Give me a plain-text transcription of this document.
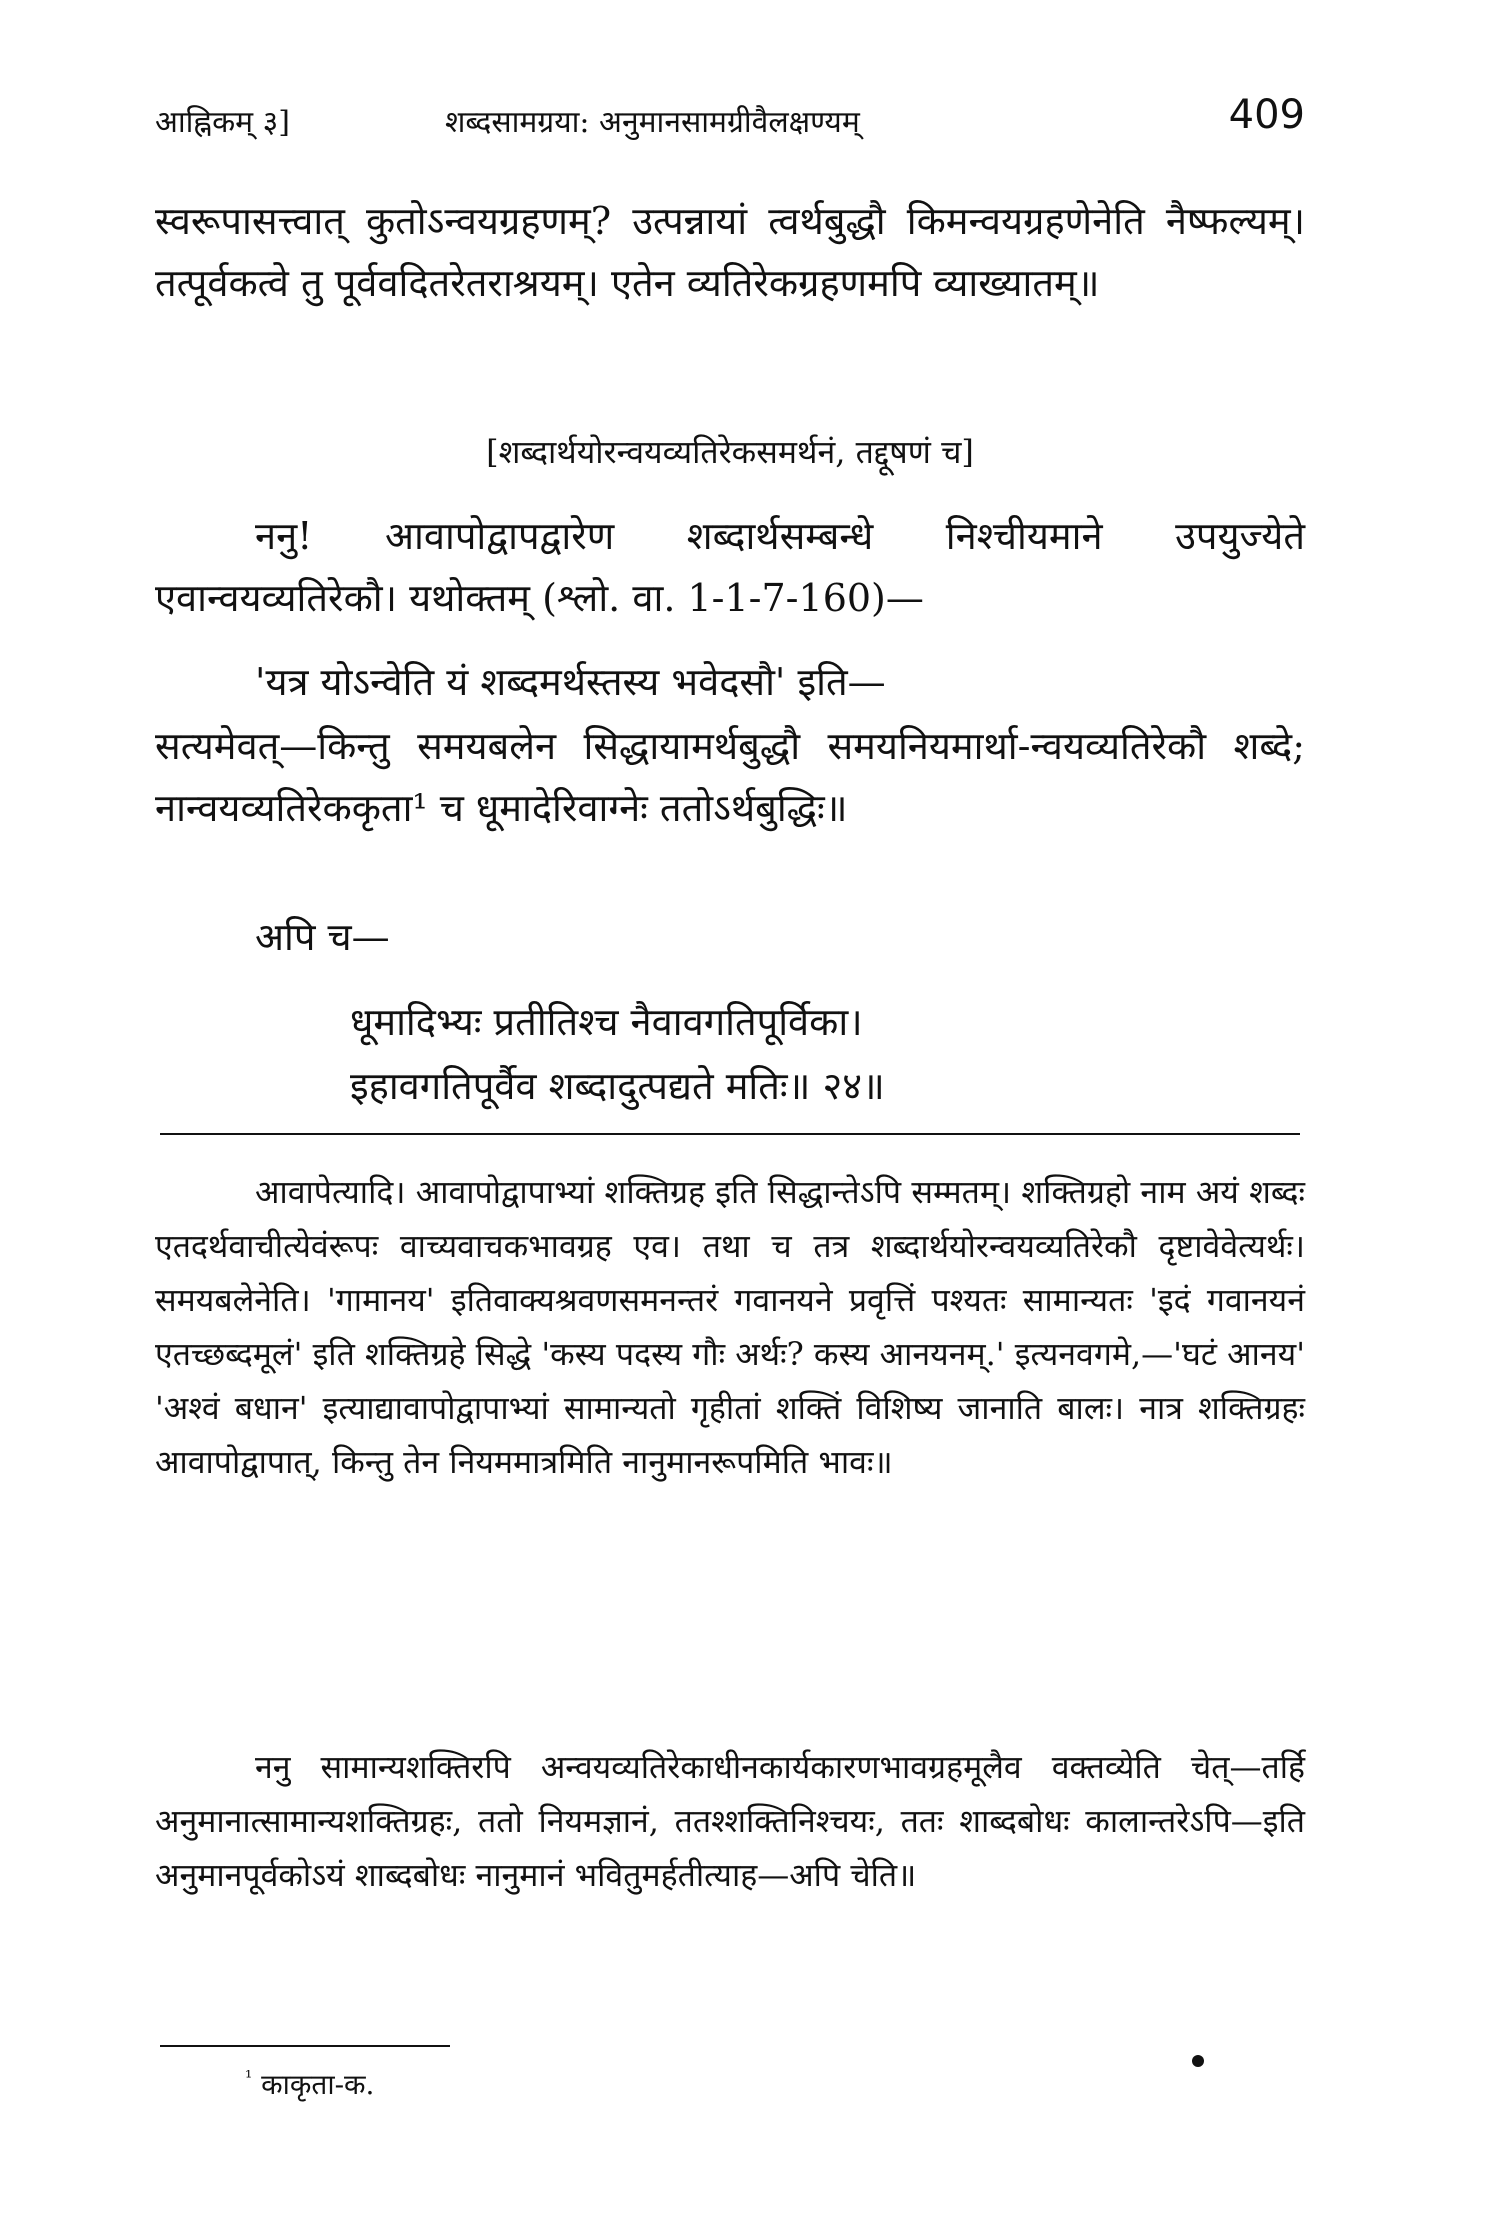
आह्निकम् ३]	शब्दसामग्रया: अनुमानसामग्रीवैलक्षण्यम्	409
स्वरूपासत्त्वात् कुतोऽन्वयग्रहणम्? उत्पन्नायां त्वर्थबुद्धौ किमन्वयग्रहणेनेति नैष्फल्यम्। तत्पूर्वकत्वे तु पूर्ववदितरेतराश्रयम्। एतेन व्यतिरेकग्रहणमपि व्याख्यातम्॥
[शब्दार्थयोरन्वयव्यतिरेकसमर्थनं, तद्दूषणं च]
ननु! आवापोद्वापद्वारेण शब्दार्थसम्बन्धे निश्चीयमाने उपयुज्येते एवान्वयव्यतिरेकौ। यथोक्तम् (श्लो. वा. 1-1-7-160)—
'यत्र योऽन्वेति यं शब्दमर्थस्तस्य भवेदसौ' इति—
सत्यमेवत्—किन्तु समयबलेन सिद्धायामर्थबुद्धौ समयनियमार्था-न्वयव्यतिरेकौ शब्दे; नान्वयव्यतिरेककृता¹ च धूमादेरिवाग्नेः ततोऽर्थबुद्धिः॥
अपि च—
धूमादिभ्यः प्रतीतिश्च नैवावगतिपूर्विका।
इहावगतिपूर्वैव शब्दादुत्पद्यते मतिः॥ २४॥
आवापेत्यादि। आवापोद्वापाभ्यां शक्तिग्रह इति सिद्धान्तेऽपि सम्मतम्। शक्तिग्रहो नाम अयं शब्दः एतदर्थवाचीत्येवंरूपः वाच्यवाचकभावग्रह एव। तथा च तत्र शब्दार्थयोरन्वयव्यतिरेकौ दृष्टावेवेत्यर्थः। समयबलेनेति। 'गामानय' इतिवाक्यश्रवणसमनन्तरं गवानयने प्रवृत्तिं पश्यतः सामान्यतः 'इदं गवानयनं एतच्छब्दमूलं' इति शक्तिग्रहे सिद्धे 'कस्य पदस्य गौः अर्थः? कस्य आनयनम्.' इत्यनवगमे,—'घटं आनय' 'अश्वं बधान' इत्याद्यावापोद्वापाभ्यां सामान्यतो गृहीतां शक्तिं विशिष्य जानाति बालः। नात्र शक्तिग्रहः आवापोद्वापात्, किन्तु तेन नियममात्रमिति नानुमानरूपमिति भावः॥
ननु सामान्यशक्तिरपि अन्वयव्यतिरेकाधीनकार्यकारणभावग्रहमूलैव वक्तव्येति चेत्—तर्हि अनुमानात्सामान्यशक्तिग्रहः, ततो नियमज्ञानं, ततश्शक्तिनिश्चयः, ततः शाब्दबोधः कालान्तरेऽपि—इति अनुमानपूर्वकोऽयं शाब्दबोधः नानुमानं भवितुमर्हतीत्याह—अपि चेति॥
$^{^1}$ काकृता-क.
